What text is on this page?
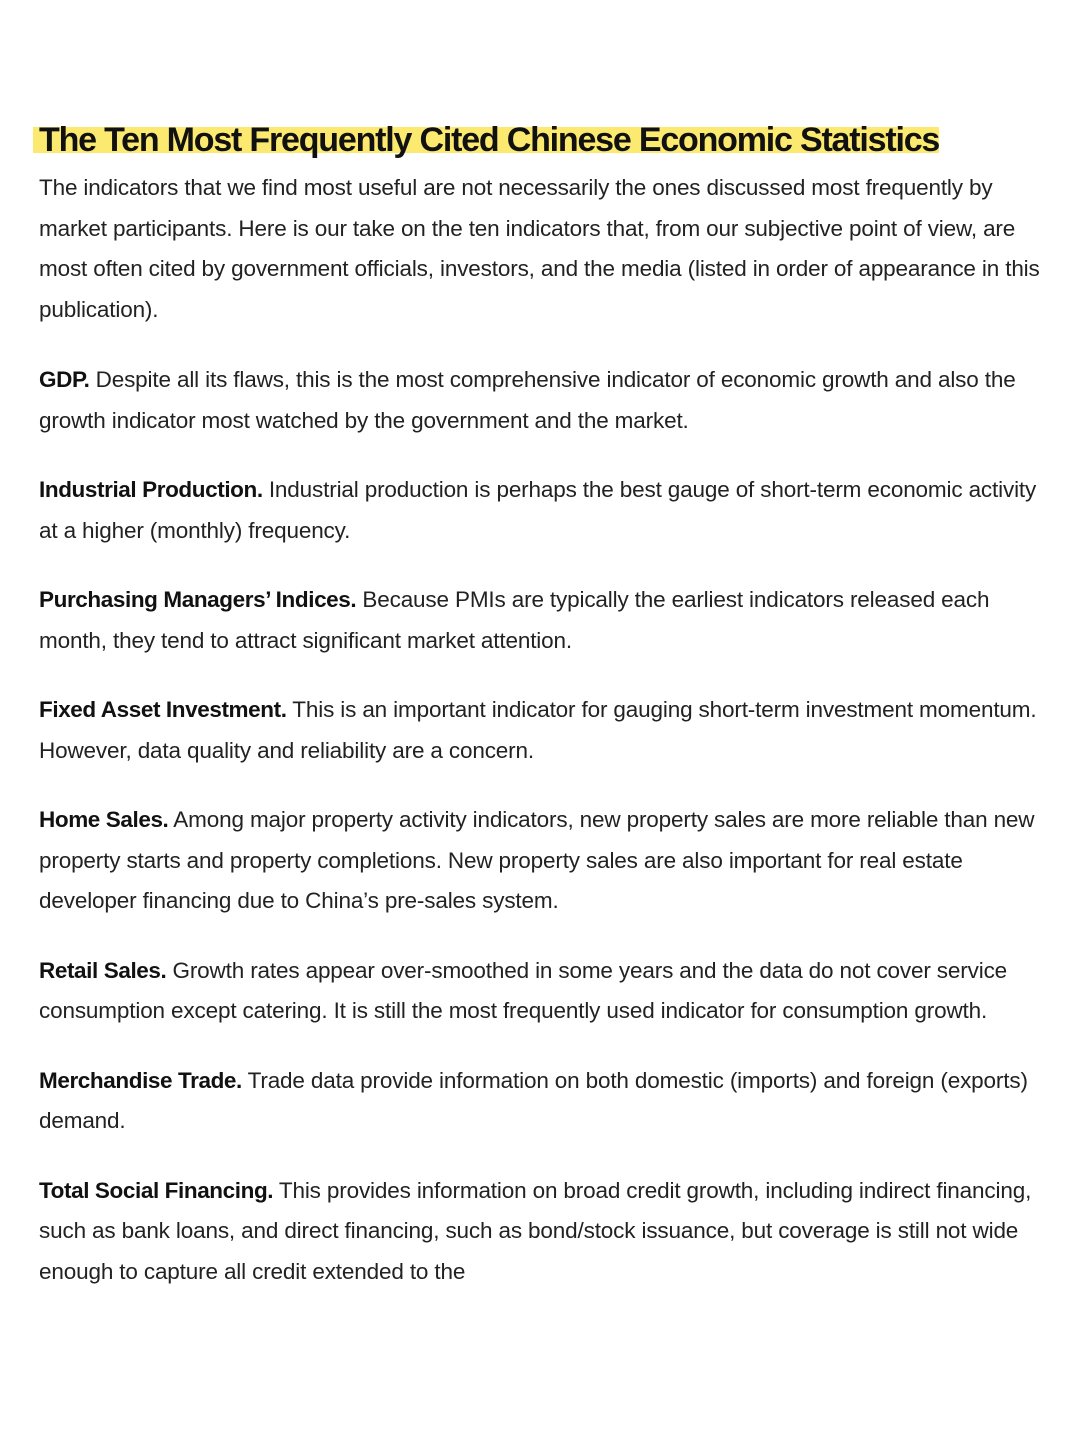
The Ten Most Frequently Cited Chinese Economic Statistics

The indicators that we find most useful are not necessarily the ones discussed most frequently by market participants. Here is our take on the ten indicators that, from our subjective point of view, are most often cited by government officials, investors, and the media (listed in order of appearance in this publication).

GDP. Despite all its flaws, this is the most comprehensive indicator of economic growth and also the growth indicator most watched by the government and the market.

Industrial Production. Industrial production is perhaps the best gauge of short-term economic activity at a higher (monthly) frequency.

Purchasing Managers’ Indices. Because PMIs are typically the earliest indicators released each month, they tend to attract significant market attention.

Fixed Asset Investment. This is an important indicator for gauging short-term investment momentum. However, data quality and reliability are a concern.

Home Sales. Among major property activity indicators, new property sales are more reliable than new property starts and property completions. New property sales are also important for real estate developer financing due to China’s pre-sales system.

Retail Sales. Growth rates appear over-smoothed in some years and the data do not cover service consumption except catering. It is still the most frequently used indicator for consumption growth.

Merchandise Trade. Trade data provide information on both domestic (imports) and foreign (exports) demand.

Total Social Financing. This provides information on broad credit growth, including indirect financing, such as bank loans, and direct financing, such as bond/stock issuance, but coverage is still not wide enough to capture all credit extended to the
